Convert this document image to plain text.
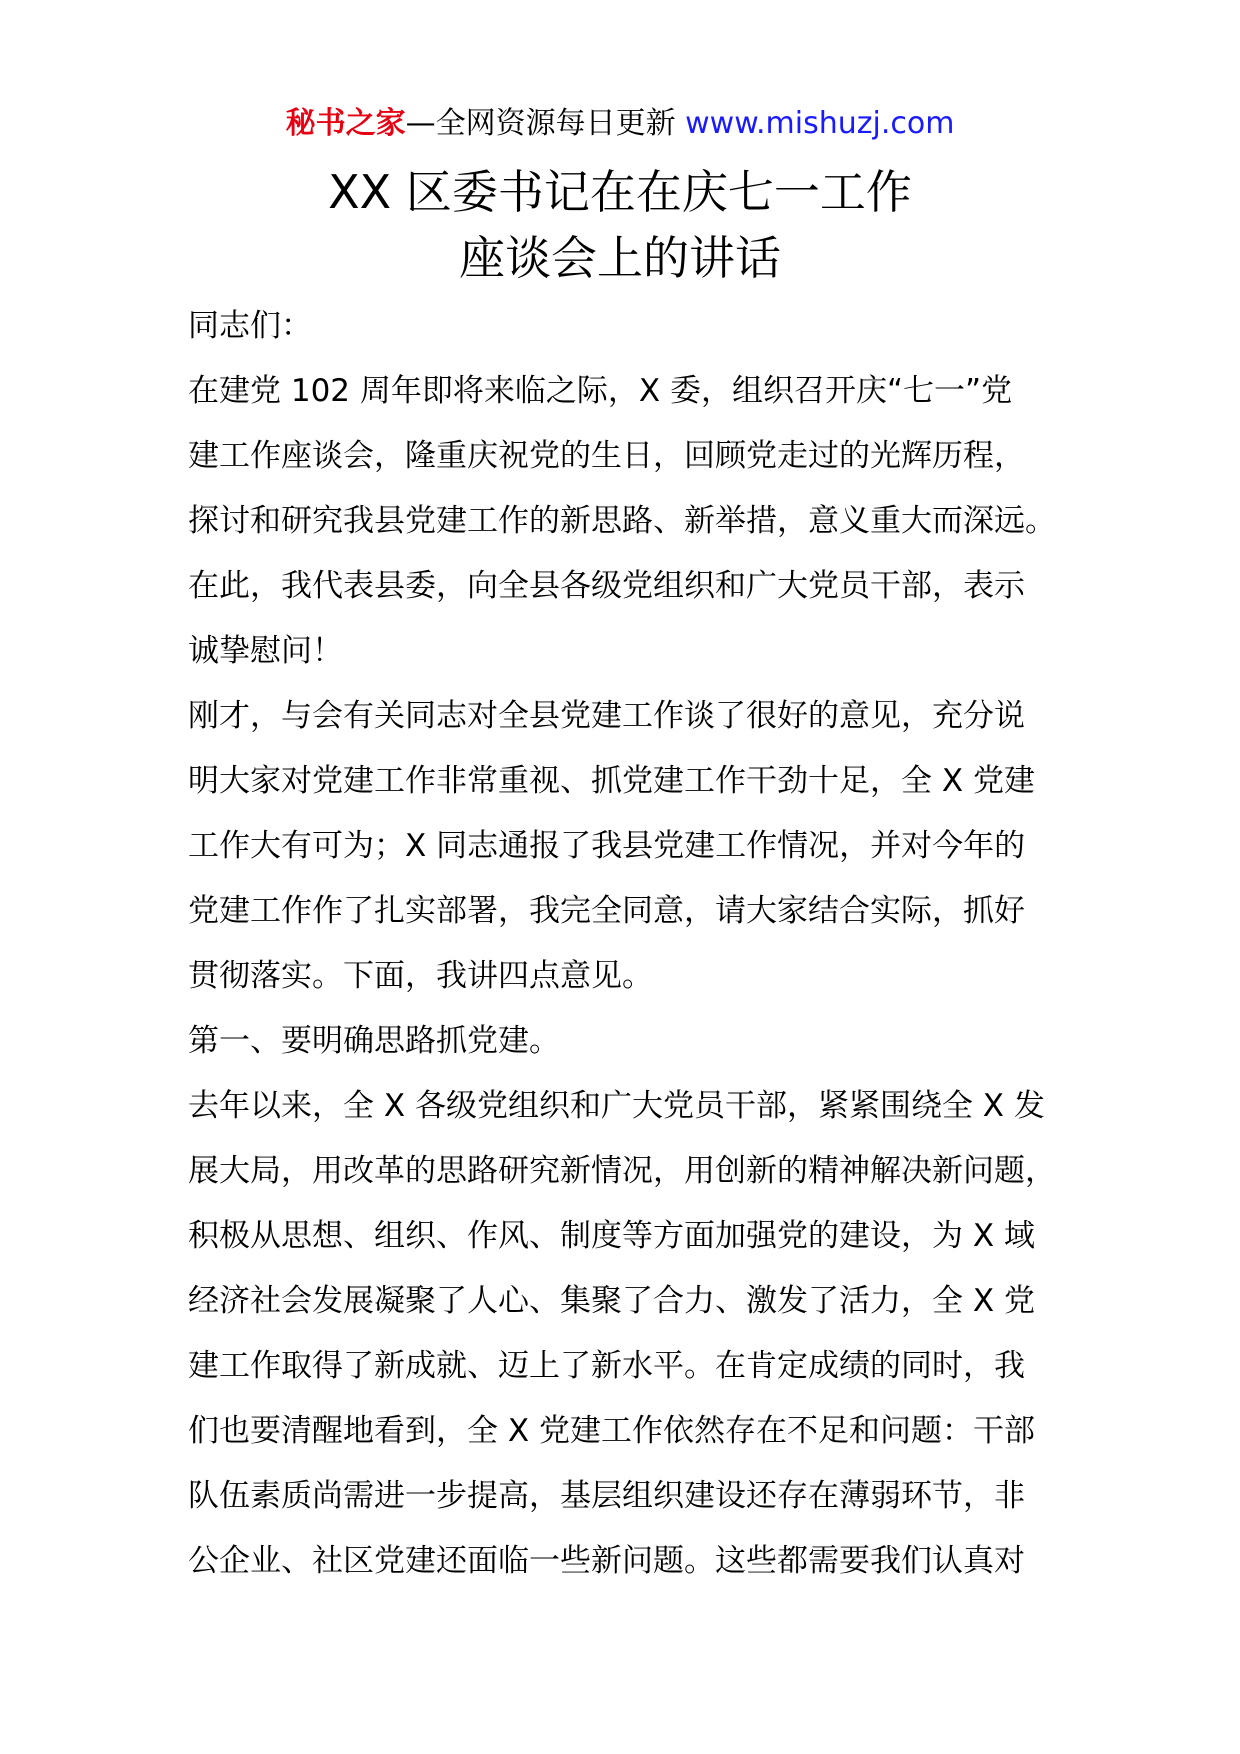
秘书之家—全网资源每日更新 www.mishuzj.com
XX 区委书记在在庆七一工作
座谈会上的讲话
同志们：
在建党 102 周年即将来临之际，X 委，组织召开庆“七一”党
建工作座谈会，隆重庆祝党的生日，回顾党走过的光辉历程，
探讨和研究我县党建工作的新思路、新举措，意义重大而深远。
在此，我代表县委，向全县各级党组织和广大党员干部，表示
诚挚慰问！
刚才，与会有关同志对全县党建工作谈了很好的意见，充分说
明大家对党建工作非常重视、抓党建工作干劲十足，全 X 党建
工作大有可为；X 同志通报了我县党建工作情况，并对今年的
党建工作作了扎实部署，我完全同意，请大家结合实际，抓好
贯彻落实。下面，我讲四点意见。
第一、要明确思路抓党建。
去年以来，全 X 各级党组织和广大党员干部，紧紧围绕全 X 发
展大局，用改革的思路研究新情况，用创新的精神解决新问题，
积极从思想、组织、作风、制度等方面加强党的建设，为 X 域
经济社会发展凝聚了人心、集聚了合力、激发了活力，全 X 党
建工作取得了新成就、迈上了新水平。在肯定成绩的同时，我
们也要清醒地看到，全 X 党建工作依然存在不足和问题：干部
队伍素质尚需进一步提高，基层组织建设还存在薄弱环节，非
公企业、社区党建还面临一些新问题。这些都需要我们认真对
